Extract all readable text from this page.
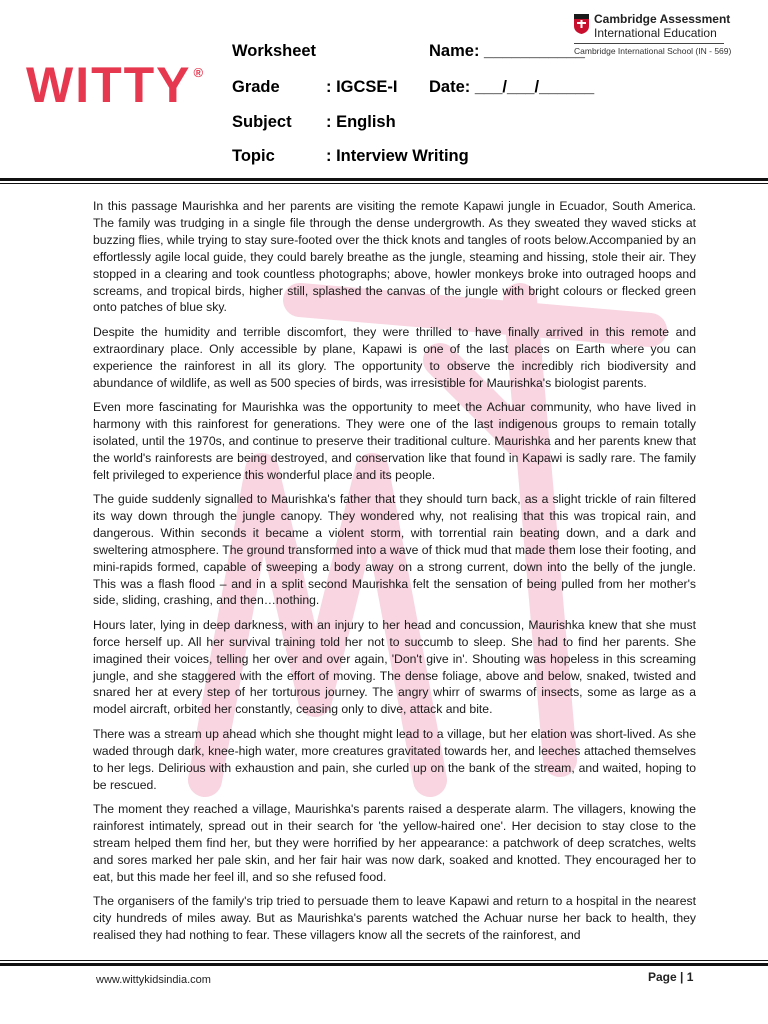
WITTY ®
Cambridge Assessment
International Education
Cambridge International School (IN - 569)
Worksheet	Name: ___________
Grade	: IGCSE-I Date: ___/___/______
Subject : English
Topic	: Interview Writing

In this passage Maurishka and her parents are visiting the remote Kapawi jungle in Ecuador, South America. The family was trudging in a single file through the dense undergrowth. As they sweated they waved sticks at buzzing flies, while trying to stay sure-footed over the thick knots and tangles of roots below.Accompanied by an effortlessly agile local guide, they could barely breathe as the jungle, steaming and hissing, stole their air. They stopped in a clearing and took countless photographs; above, howler monkeys broke into outraged hoops and screams, and tropical birds, higher still, splashed the canvas of the jungle with bright colours or flecked green onto patches of blue sky.

Despite the humidity and terrible discomfort, they were thrilled to have finally arrived in this remote and extraordinary place. Only accessible by plane, Kapawi is one of the last places on Earth where you can experience the rainforest in all its glory. The opportunity to observe the incredibly rich biodiversity and abundance of wildlife, as well as 500 species of birds, was irresistible for Maurishka's biologist parents.

Even more fascinating for Maurishka was the opportunity to meet the Achuar community, who have lived in harmony with this rainforest for generations. They were one of the last indigenous groups to remain totally isolated, until the 1970s, and continue to preserve their traditional culture. Maurishka and her parents knew that the world's rainforests are being destroyed, and conservation like that found in Kapawi is sadly rare. The family felt privileged to experience this wonderful place and its people.

The guide suddenly signalled to Maurishka's father that they should turn back, as a slight trickle of rain filtered its way down through the jungle canopy. They wondered why, not realising that this was tropical rain, and dangerous. Within seconds it became a violent storm, with torrential rain beating down, and a dark and sweltering atmosphere. The ground transformed into a wave of thick mud that made them lose their footing, and mini-rapids formed, capable of sweeping a body away on a strong current, down into the belly of the jungle. This was a flash flood – and in a split second Maurishka felt the sensation of being pulled from her mother's side, sliding, crashing, and then…nothing.

Hours later, lying in deep darkness, with an injury to her head and concussion, Maurishka knew that she must force herself up. All her survival training told her not to succumb to sleep. She had to find her parents. She imagined their voices, telling her over and over again, 'Don't give in'. Shouting was hopeless in this screaming jungle, and she staggered with the effort of moving. The dense foliage, above and below, snaked, twisted and snared her at every step of her torturous journey. The angry whirr of swarms of insects, some as large as a model aircraft, orbited her constantly, ceasing only to dive, attack and bite.

There was a stream up ahead which she thought might lead to a village, but her elation was short-lived. As she waded through dark, knee-high water, more creatures gravitated towards her, and leeches attached themselves to her legs. Delirious with exhaustion and pain, she curled up on the bank of the stream, and waited, hoping to be rescued.

The moment they reached a village, Maurishka's parents raised a desperate alarm. The villagers, knowing the rainforest intimately, spread out in their search for 'the yellow-haired one'. Her decision to stay close to the stream helped them find her, but they were horrified by her appearance: a patchwork of deep scratches, welts and sores marked her pale skin, and her fair hair was now dark, soaked and knotted. They encouraged her to eat, but this made her feel ill, and so she refused food.

The organisers of the family's trip tried to persuade them to leave Kapawi and return to a hospital in the nearest city hundreds of miles away. But as Maurishka's parents watched the Achuar nurse her back to health, they realised they had nothing to fear. These villagers know all the secrets of the rainforest, and

www.wittykidsindia.com	Page | 1
